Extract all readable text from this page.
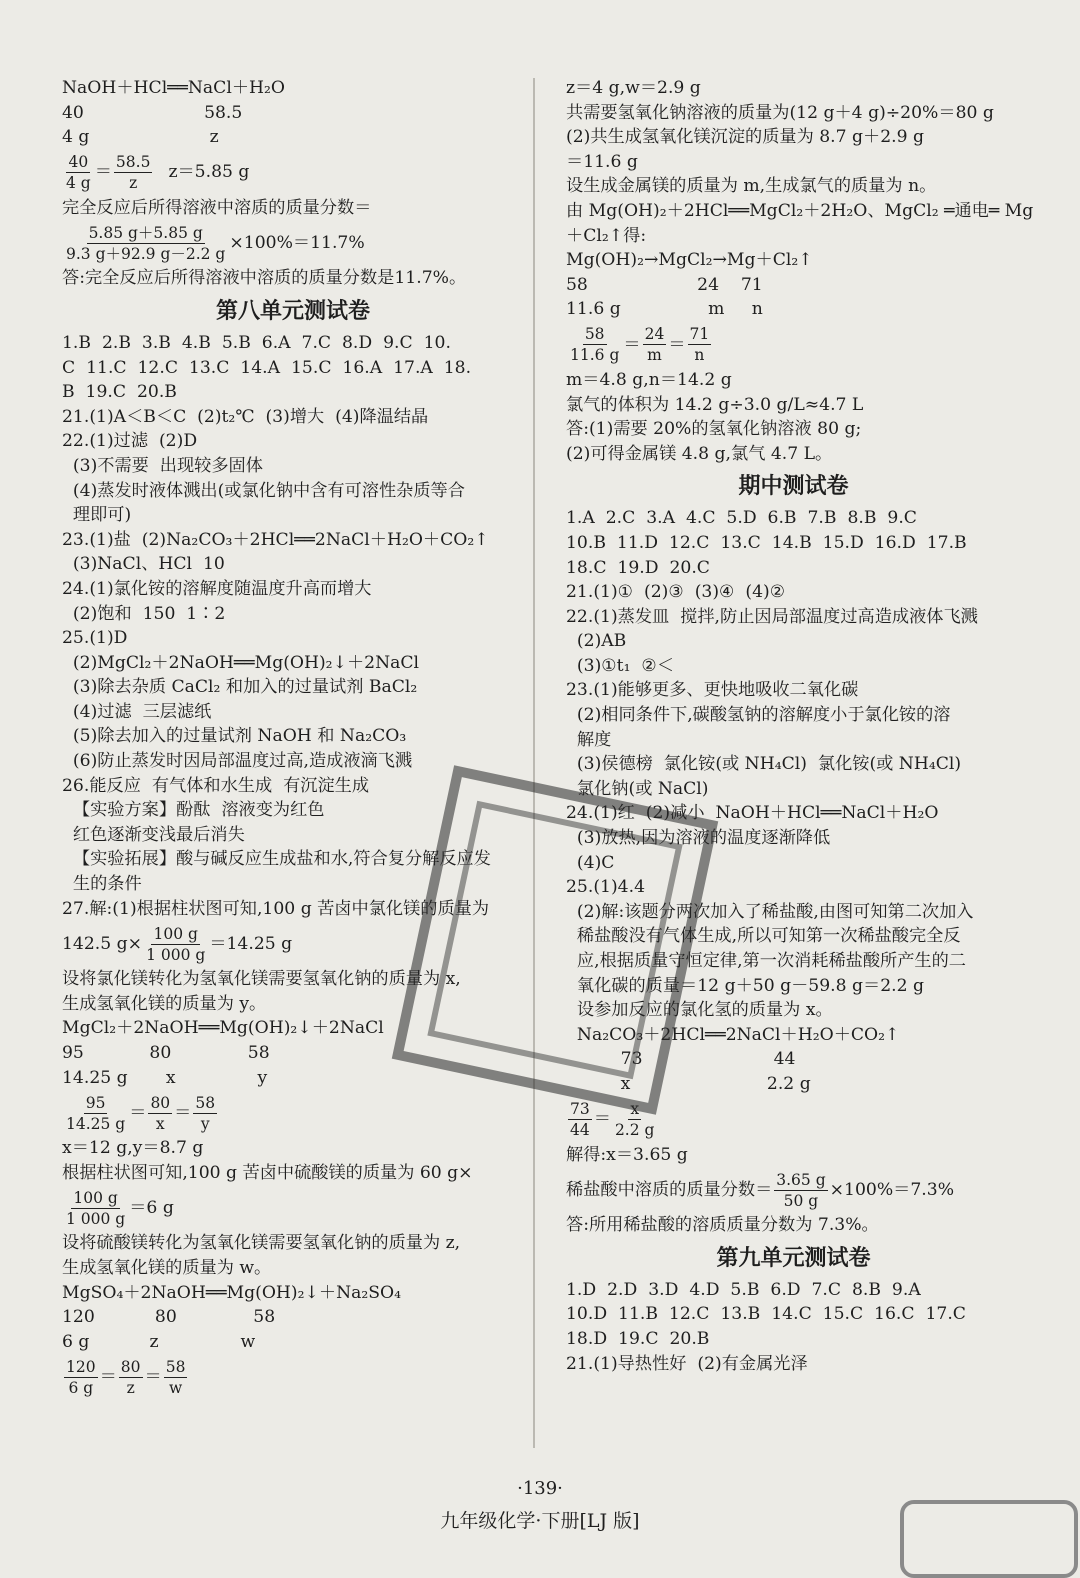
NaOH＋HCl══NaCl＋H₂O
40                      58.5
4 g                      z
$\frac{40}{4 g} = \frac{58.5}{z} z=5.85$ g
完全反应后所得溶液中溶质的质量分数＝
$\frac{5.85 g+5.85 g}{9.3 g+92.9 g-2.2 g} \times 100\%=11.7\%$
答:完全反应后所得溶液中溶质的质量分数是11.7%。
第八单元测试卷
1.B  2.B  3.B  4.B  5.B  6.A  7.C  8.D  9.C  10.
C  11.C  12.C  13.C  14.A  15.C  16.A  17.A  18.
B  19.C  20.B
21.(1)A＜B＜C  (2)t₂℃  (3)增大  (4)降温结晶
22.(1)过滤  (2)D
(3)不需要  出现较多固体
(4)蒸发时液体溅出(或氯化钠中含有可溶性杂质等合
理即可)
23.(1)盐  (2)Na₂CO₃＋2HCl══2NaCl＋H₂O＋CO₂↑
(3)NaCl、HCl  10
24.(1)氯化铵的溶解度随温度升高而增大
(2)饱和  150  1∶2
25.(1)D
(2)MgCl₂＋2NaOH══Mg(OH)₂↓＋2NaCl
(3)除去杂质 CaCl₂ 和加入的过量试剂 BaCl₂
(4)过滤  三层滤纸
(5)除去加入的过量试剂 NaOH 和 Na₂CO₃
(6)防止蒸发时因局部温度过高,造成液滴飞溅
26.能反应  有气体和水生成  有沉淀生成
【实验方案】酚酞  溶液变为红色
红色逐渐变浅最后消失
【实验拓展】酸与碱反应生成盐和水,符合复分解反应发
生的条件
27.解:(1)根据柱状图可知,100 g 苦卤中氯化镁的质量为
142.5 $g\times \frac{100 g}{1 000 g} =14.25$ g
设将氯化镁转化为氢氧化镁需要氢氧化钠的质量为 x,
生成氢氧化镁的质量为 y。
MgCl₂＋2NaOH══Mg(OH)₂↓＋2NaCl
95            80              58
14.25 g       x               y
$\frac{95}{14.25 g} = \frac{80}{x} = \frac{58}{y}$
x＝12 g,y＝8.7 g
根据柱状图可知,100 g 苦卤中硫酸镁的质量为 60 g×
$\frac{100 g}{1 000 g} =6$ g
设将硫酸镁转化为氢氧化镁需要氢氧化钠的质量为 z,
生成氢氧化镁的质量为 w。
MgSO₄＋2NaOH══Mg(OH)₂↓＋Na₂SO₄
120           80              58
6 g           z               w
$\frac{120}{6 g} = \frac{80}{z} = \frac{58}{w}$
z＝4 g,w＝2.9 g
共需要氢氧化钠溶液的质量为(12 g＋4 g)÷20%＝80 g
(2)共生成氢氧化镁沉淀的质量为 8.7 g＋2.9 g
＝11.6 g
设生成金属镁的质量为 m,生成氯气的质量为 n。
由 Mg(OH)₂＋2HCl══MgCl₂＋2H₂O、MgCl₂ ═通电═ Mg
＋Cl₂↑得:
Mg(OH)₂→MgCl₂→Mg＋Cl₂↑
58                    24    71
11.6 g                m     n
$\frac{58}{11.6 g} = \frac{24}{m} = \frac{71}{n}$
m＝4.8 g,n＝14.2 g
氯气的体积为 14.2 g÷3.0 g/L≈4.7 L
答:(1)需要 20%的氢氧化钠溶液 80 g;
(2)可得金属镁 4.8 g,氯气 4.7 L。
期中测试卷
1.A  2.C  3.A  4.C  5.D  6.B  7.B  8.B  9.C
10.B  11.D  12.C  13.C  14.B  15.D  16.D  17.B
18.C  19.D  20.C
21.(1)①  (2)③  (3)④  (4)②
22.(1)蒸发皿  搅拌,防止因局部温度过高造成液体飞溅
(2)AB
(3)①t₁  ②＜
23.(1)能够更多、更快地吸收二氧化碳
(2)相同条件下,碳酸氢钠的溶解度小于氯化铵的溶
解度
(3)侯德榜  氯化铵(或 NH₄Cl)  氯化铵(或 NH₄Cl)
氯化钠(或 NaCl)
24.(1)红  (2)减小  NaOH＋HCl══NaCl＋H₂O
(3)放热,因为溶液的温度逐渐降低
(4)C
25.(1)4.4
(2)解:该题分两次加入了稀盐酸,由图可知第二次加入
稀盐酸没有气体生成,所以可知第一次稀盐酸完全反
应,根据质量守恒定律,第一次消耗稀盐酸所产生的二
氧化碳的质量＝12 g＋50 g－59.8 g＝2.2 g
设参加反应的氯化氢的质量为 x。
Na₂CO₃＋2HCl══2NaCl＋H₂O＋CO₂↑
73                        44
x                         2.2 g
$\frac{73}{44} = \frac{x}{2.2 g}$
解得:x＝3.65 g
稀盐酸中溶质的质量分数＝ $\frac{3.65 g}{50 g} \times 100\%=7.3\%$
答:所用稀盐酸的溶质质量分数为 7.3%。
第九单元测试卷
1.D  2.D  3.D  4.D  5.B  6.D  7.C  8.B  9.A
10.D  11.B  12.C  13.B  14.C  15.C  16.C  17.C
18.D  19.C  20.B
21.(1)导热性好  (2)有金属光泽
·139·
九年级化学·下册[LJ 版]
